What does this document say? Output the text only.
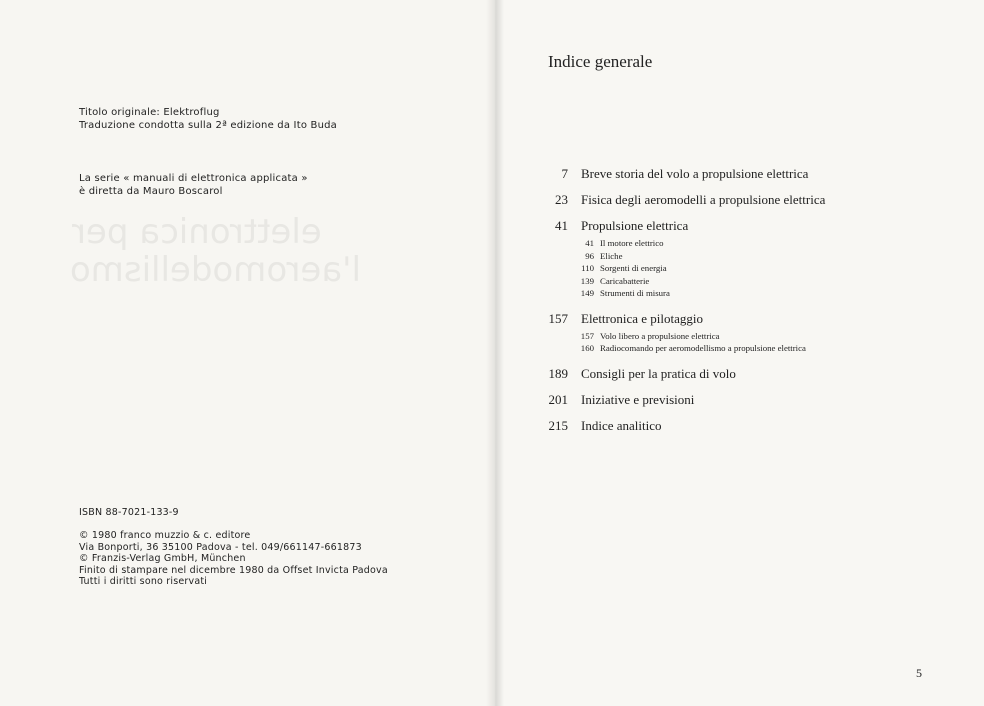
elettronica per
l'aeromodellismo
Titolo originale: Elektroflug
Traduzione condotta sulla 2ª edizione da Ito Buda
La serie « manuali di elettronica applicata »
è diretta da Mauro Boscarol
ISBN 88-7021-133-9
© 1980 franco muzzio & c. editore
Via Bonporti, 36 35100 Padova - tel. 049/661147-661873
© Franzis-Verlag GmbH, München
Finito di stampare nel dicembre 1980 da Offset Invicta Padova
Tutti i diritti sono riservati
Indice generale
7 Breve storia del volo a propulsione elettrica
23 Fisica degli aeromodelli a propulsione elettrica
41 Propulsione elettrica
41 Il motore elettrico
96 Eliche
110 Sorgenti di energia
139 Caricabatterie
149 Strumenti di misura
157 Elettronica e pilotaggio
157 Volo libero a propulsione elettrica
160 Radiocomando per aeromodellismo a propulsione elettrica
189 Consigli per la pratica di volo
201 Iniziative e previsioni
215 Indice analitico
5
